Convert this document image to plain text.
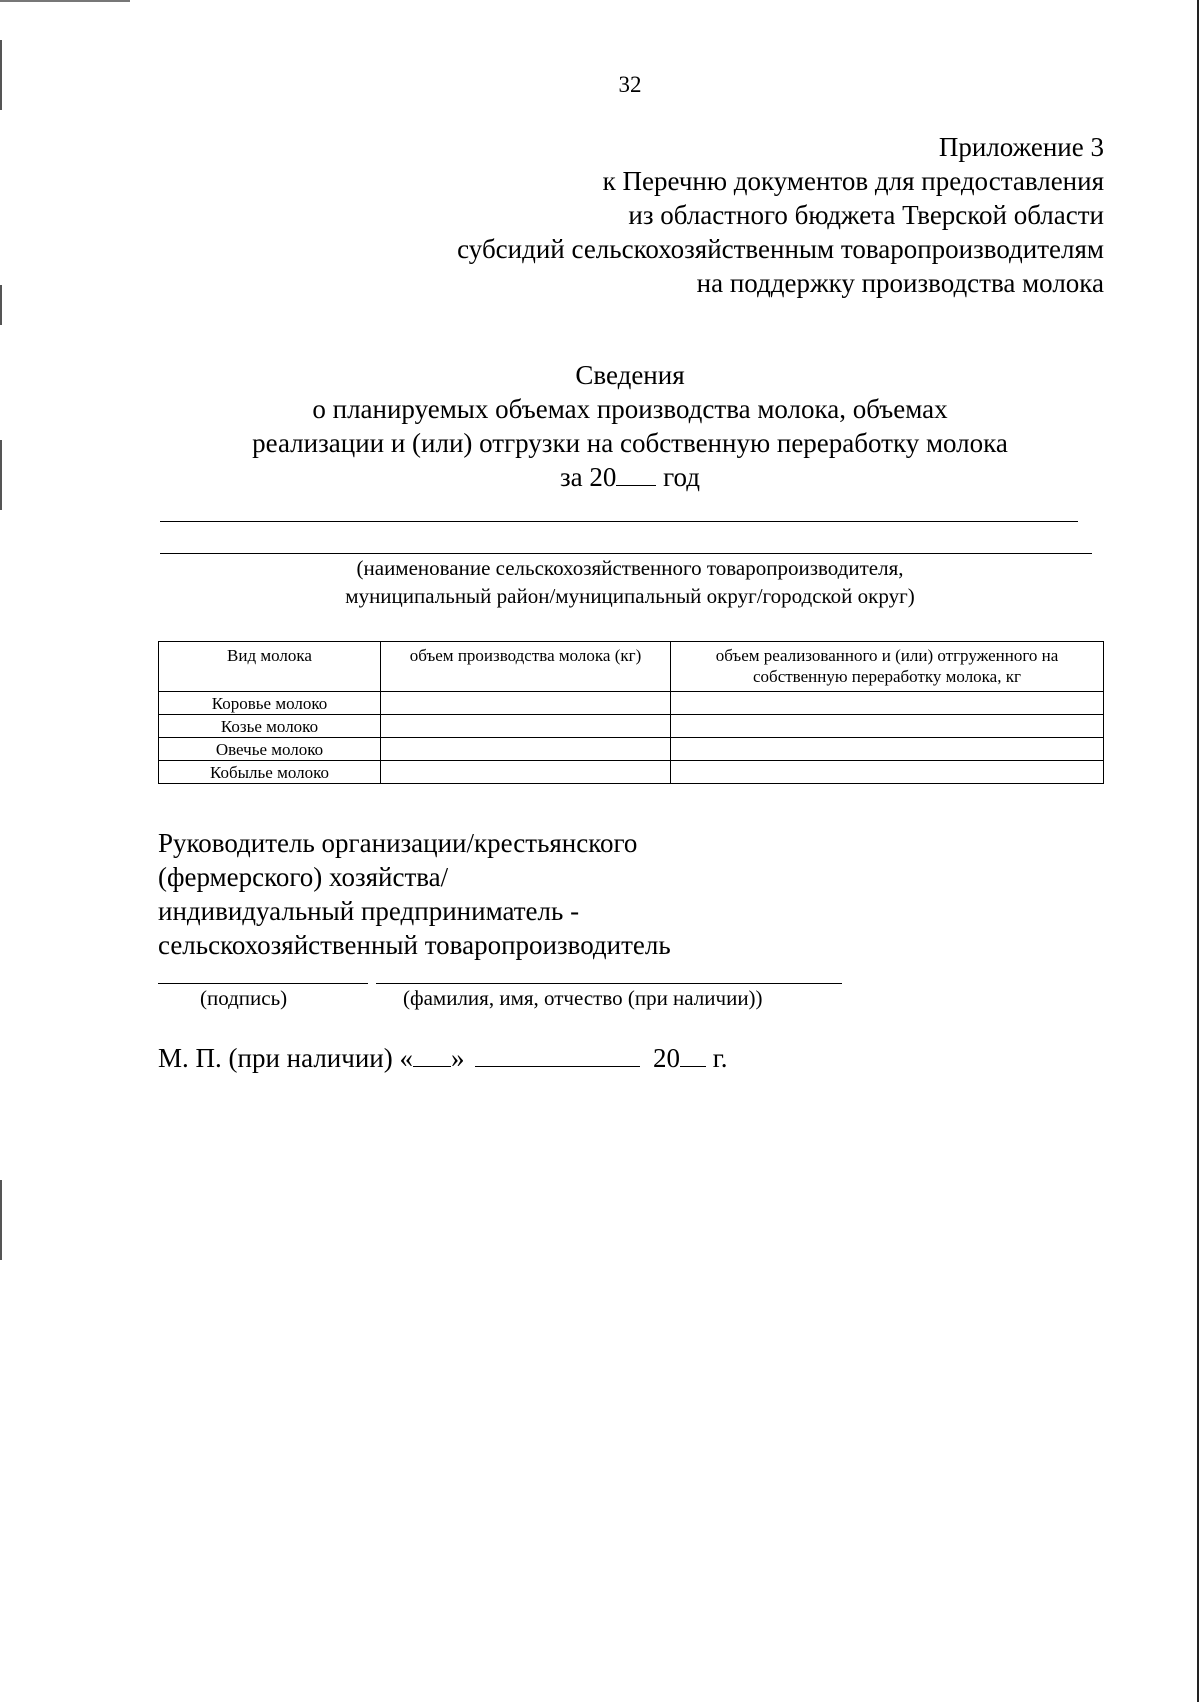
32
Приложение 3
к Перечню документов для предоставления
из областного бюджета Тверской области
субсидий сельскохозяйственным товаропроизводителям
на поддержку производства молока
Сведения
о планируемых объемах производства молока, объемах
реализации и (или) отгрузки на собственную переработку молока
за 20 год
(наименование сельскохозяйственного товаропроизводителя,
муниципальный район/муниципальный округ/городской округ)
Вид молока	объем производства молока (кг)	объем реализованного и (или) отгруженного на собственную переработку молока, кг
Коровье молоко		
Козье молоко		
Овечье молоко		
Кобылье молоко		
Руководитель организации/крестьянского
(фермерского) хозяйства/
индивидуальный предприниматель -
сельскохозяйственный товаропроизводитель
(подпись)	(фамилия, имя, отчество (при наличии))
М. П. (при наличии) « »	20 г.
